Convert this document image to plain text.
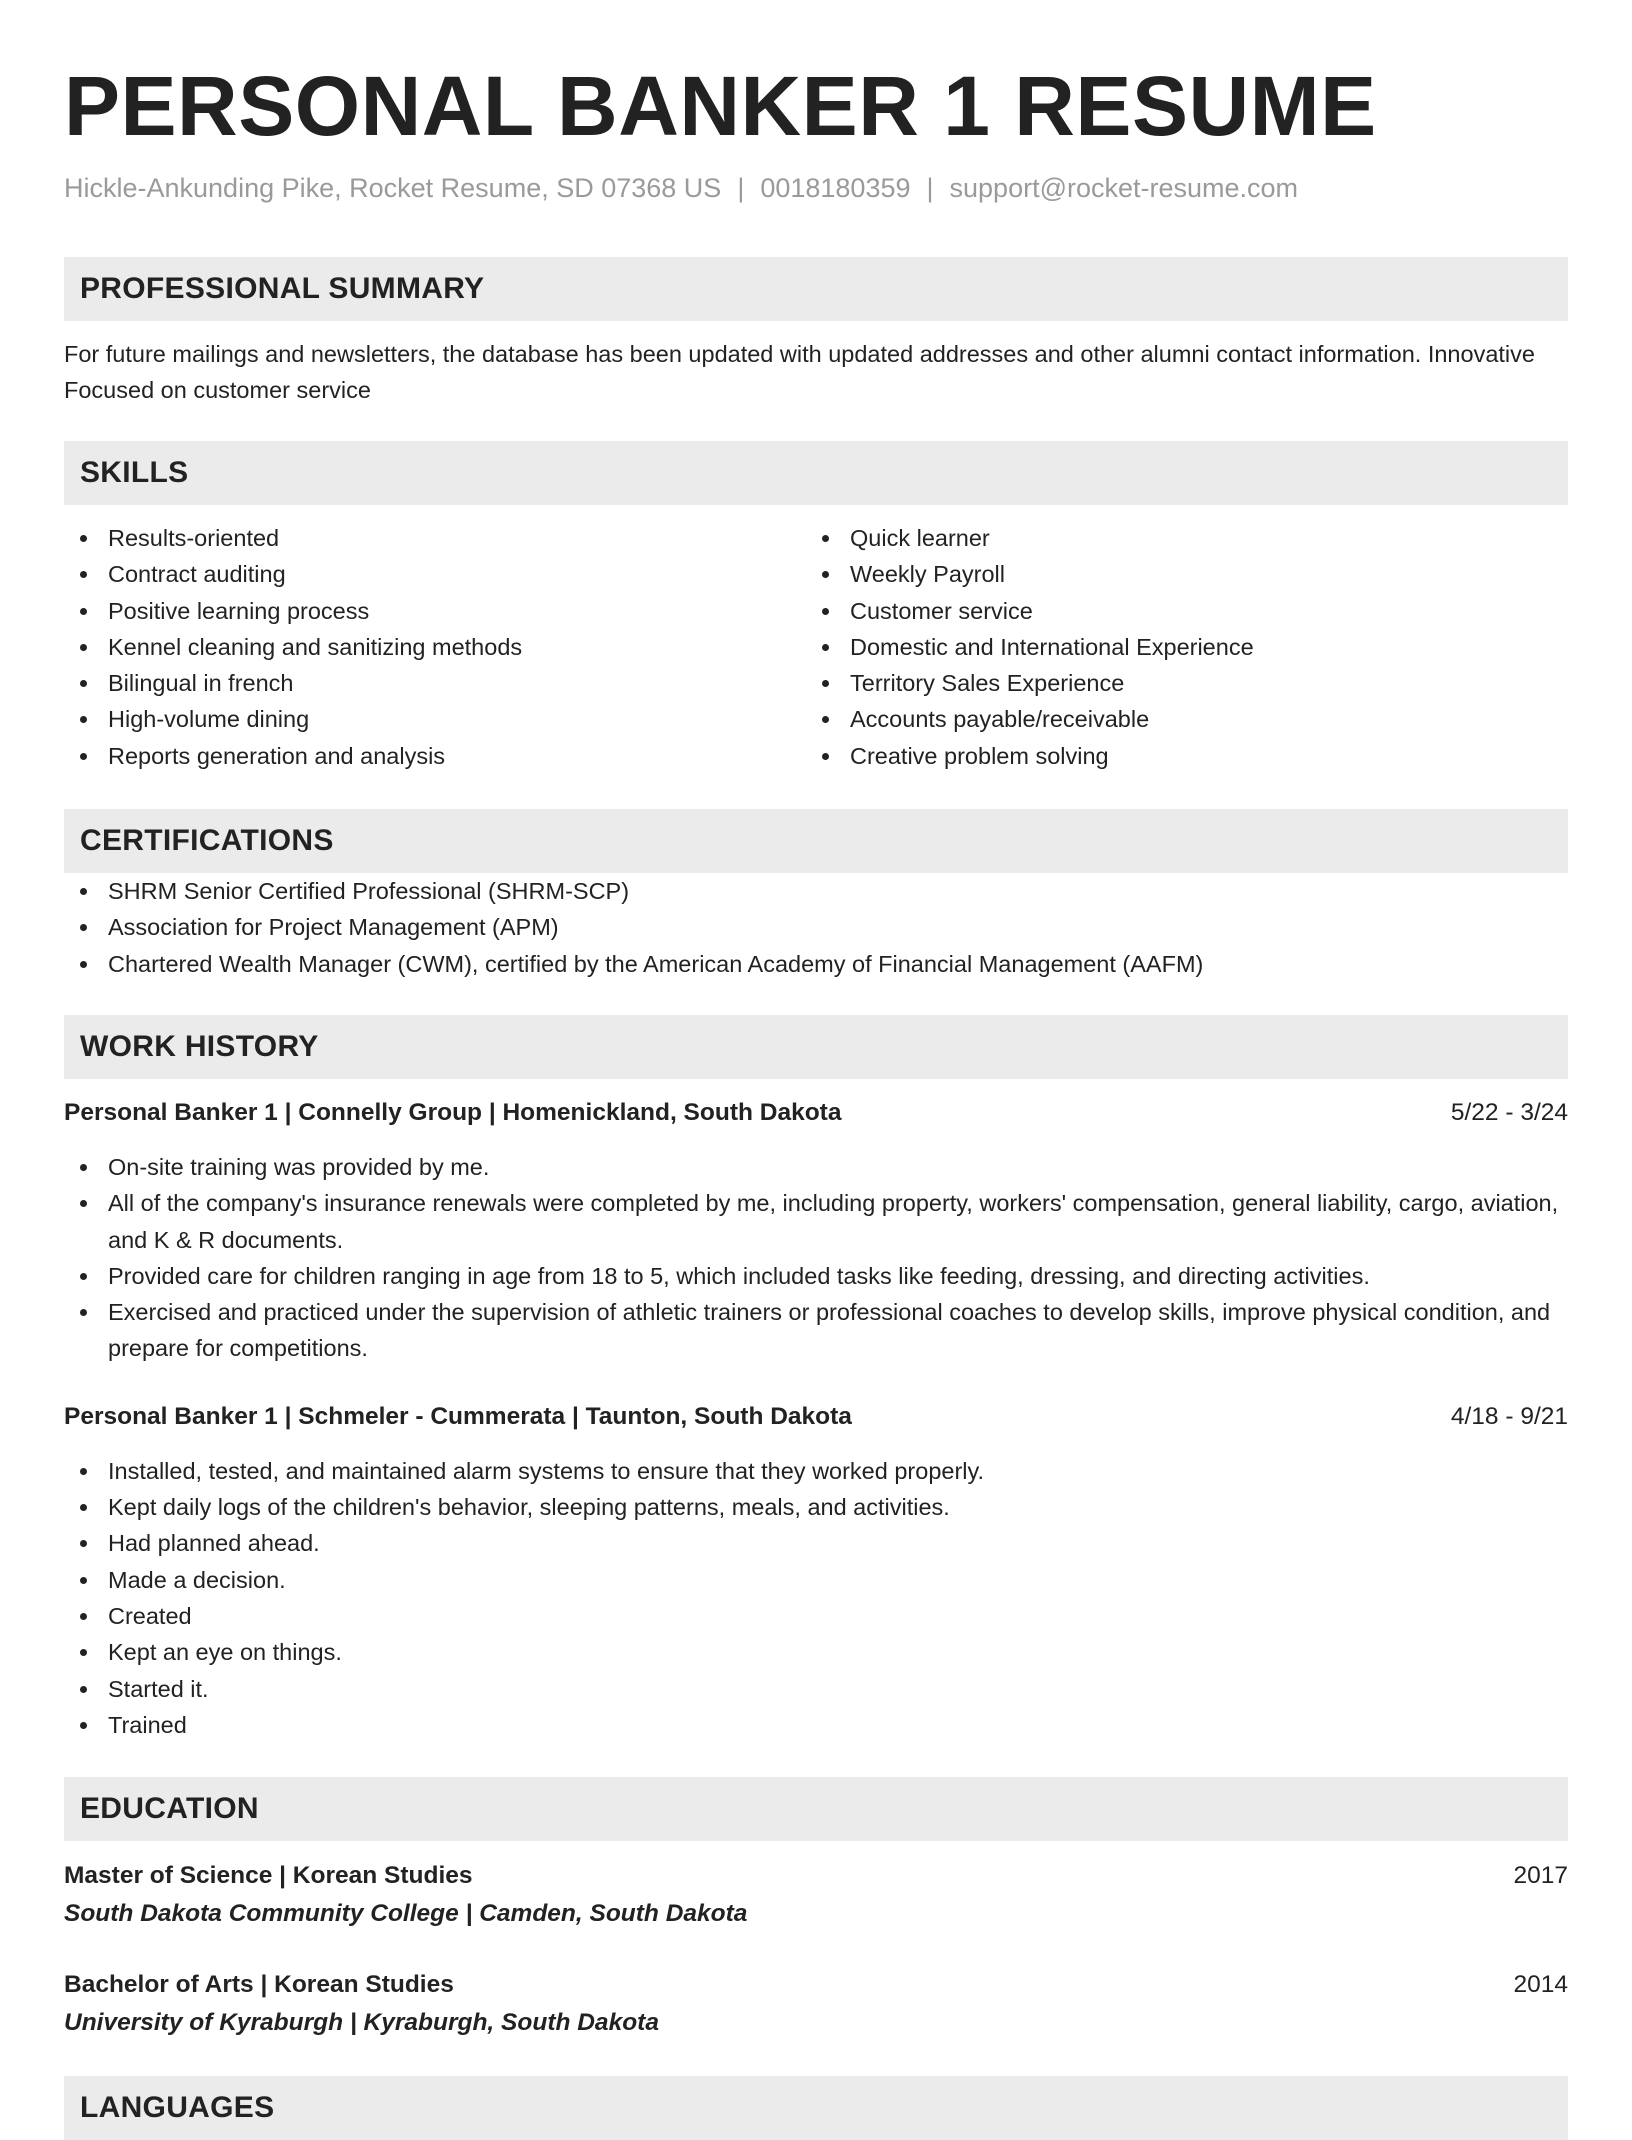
PERSONAL BANKER 1 RESUME
Hickle-Ankunding Pike, Rocket Resume, SD 07368 US | 0018180359 | support@rocket-resume.com
PROFESSIONAL SUMMARY
For future mailings and newsletters, the database has been updated with updated addresses and other alumni contact information. Innovative Focused on customer service
SKILLS
Results-oriented
Contract auditing
Positive learning process
Kennel cleaning and sanitizing methods
Bilingual in french
High-volume dining
Reports generation and analysis
Quick learner
Weekly Payroll
Customer service
Domestic and International Experience
Territory Sales Experience
Accounts payable/receivable
Creative problem solving
CERTIFICATIONS
SHRM Senior Certified Professional (SHRM-SCP)
Association for Project Management (APM)
Chartered Wealth Manager (CWM), certified by the American Academy of Financial Management (AAFM)
WORK HISTORY
Personal Banker 1 | Connelly Group | Homenickland, South Dakota	5/22 - 3/24
On-site training was provided by me.
All of the company's insurance renewals were completed by me, including property, workers' compensation, general liability, cargo, aviation, and K & R documents.
Provided care for children ranging in age from 18 to 5, which included tasks like feeding, dressing, and directing activities.
Exercised and practiced under the supervision of athletic trainers or professional coaches to develop skills, improve physical condition, and prepare for competitions.
Personal Banker 1 | Schmeler - Cummerata | Taunton, South Dakota	4/18 - 9/21
Installed, tested, and maintained alarm systems to ensure that they worked properly.
Kept daily logs of the children's behavior, sleeping patterns, meals, and activities.
Had planned ahead.
Made a decision.
Created
Kept an eye on things.
Started it.
Trained
EDUCATION
Master of Science | Korean Studies	2017
South Dakota Community College | Camden, South Dakota
Bachelor of Arts | Korean Studies	2014
University of Kyraburgh | Kyraburgh, South Dakota
LANGUAGES
